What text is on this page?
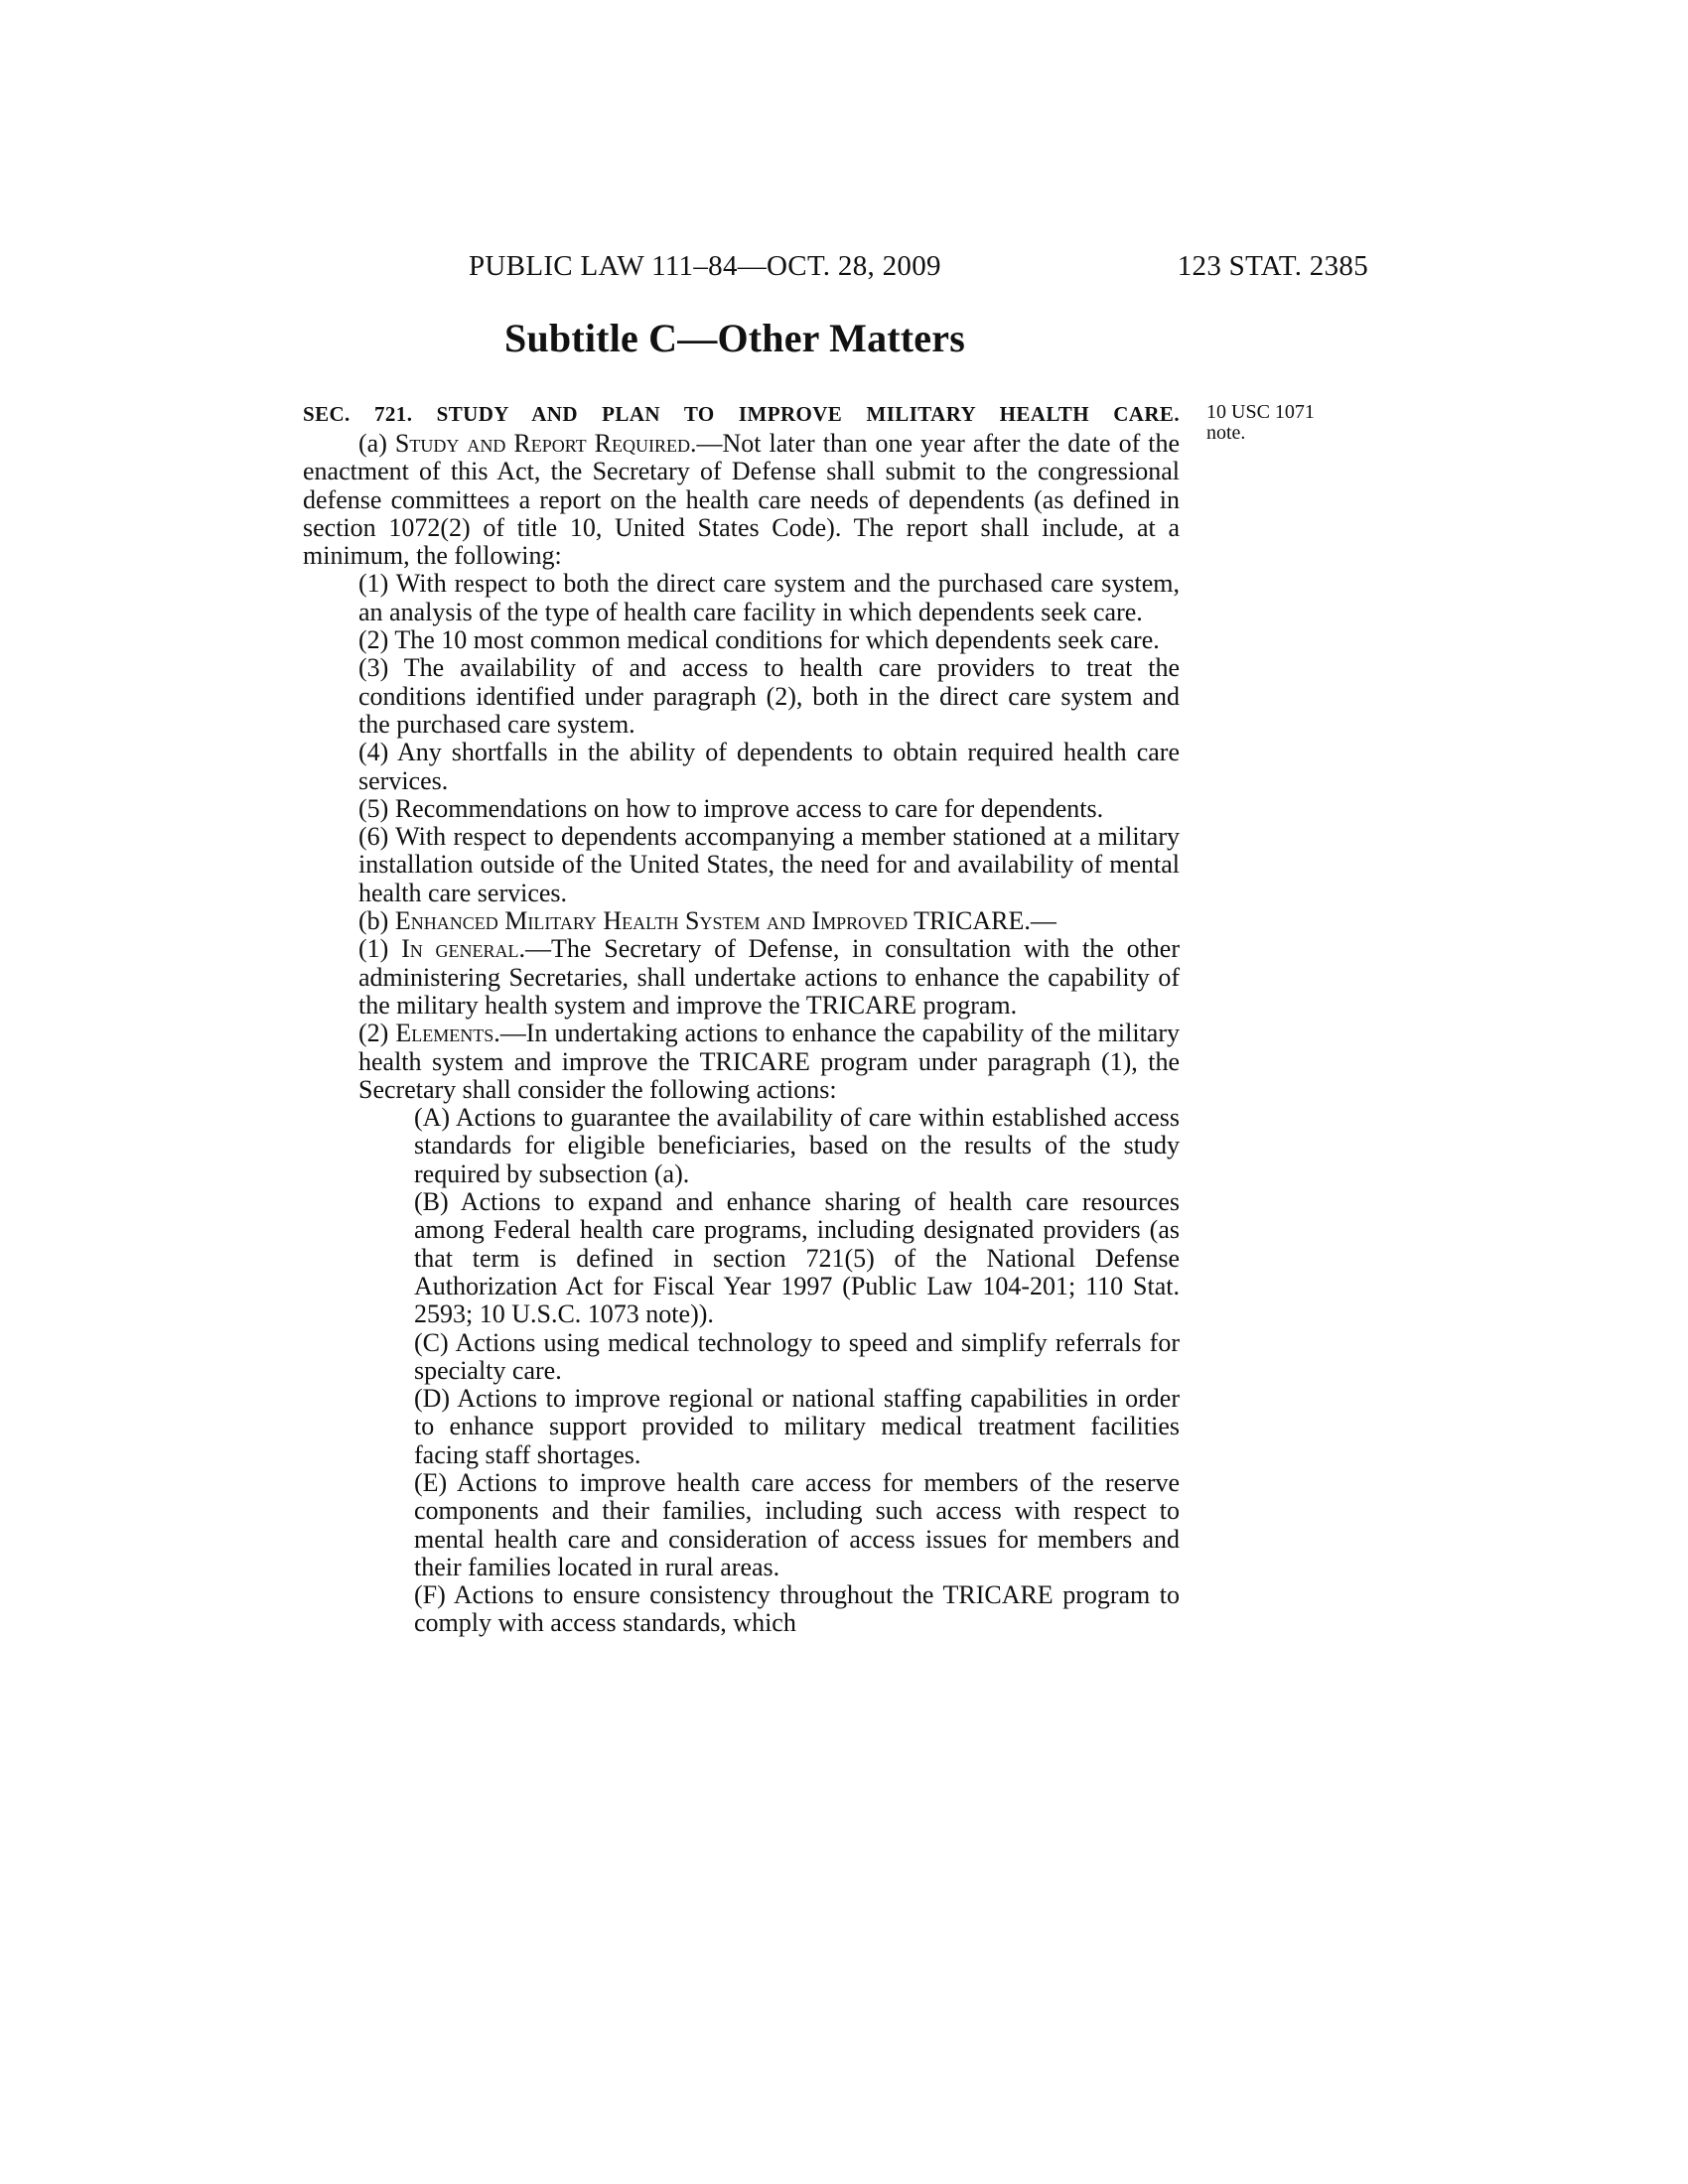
PUBLIC LAW 111–84—OCT. 28, 2009	123 STAT. 2385
Subtitle C—Other Matters
10 USC 1071
note.
SEC. 721. STUDY AND PLAN TO IMPROVE MILITARY HEALTH CARE.

(a) Study and Report Required.—Not later than one year after the date of the enactment of this Act, the Secretary of Defense shall submit to the congressional defense committees a report on the health care needs of dependents (as defined in section 1072(2) of title 10, United States Code). The report shall include, at a minimum, the following:

(1) With respect to both the direct care system and the purchased care system, an analysis of the type of health care facility in which dependents seek care.

(2) The 10 most common medical conditions for which dependents seek care.

(3) The availability of and access to health care providers to treat the conditions identified under paragraph (2), both in the direct care system and the purchased care system.

(4) Any shortfalls in the ability of dependents to obtain required health care services.

(5) Recommendations on how to improve access to care for dependents.

(6) With respect to dependents accompanying a member stationed at a military installation outside of the United States, the need for and availability of mental health care services.

(b) Enhanced Military Health System and Improved TRICARE.—

(1) In general.—The Secretary of Defense, in consultation with the other administering Secretaries, shall undertake actions to enhance the capability of the military health system and improve the TRICARE program.

(2) Elements.—In undertaking actions to enhance the capability of the military health system and improve the TRICARE program under paragraph (1), the Secretary shall consider the following actions:

(A) Actions to guarantee the availability of care within established access standards for eligible beneficiaries, based on the results of the study required by subsection (a).

(B) Actions to expand and enhance sharing of health care resources among Federal health care programs, including designated providers (as that term is defined in section 721(5) of the National Defense Authorization Act for Fiscal Year 1997 (Public Law 104-201; 110 Stat. 2593; 10 U.S.C. 1073 note)).

(C) Actions using medical technology to speed and simplify referrals for specialty care.

(D) Actions to improve regional or national staffing capabilities in order to enhance support provided to military medical treatment facilities facing staff shortages.

(E) Actions to improve health care access for members of the reserve components and their families, including such access with respect to mental health care and consideration of access issues for members and their families located in rural areas.

(F) Actions to ensure consistency throughout the TRICARE program to comply with access standards, which
